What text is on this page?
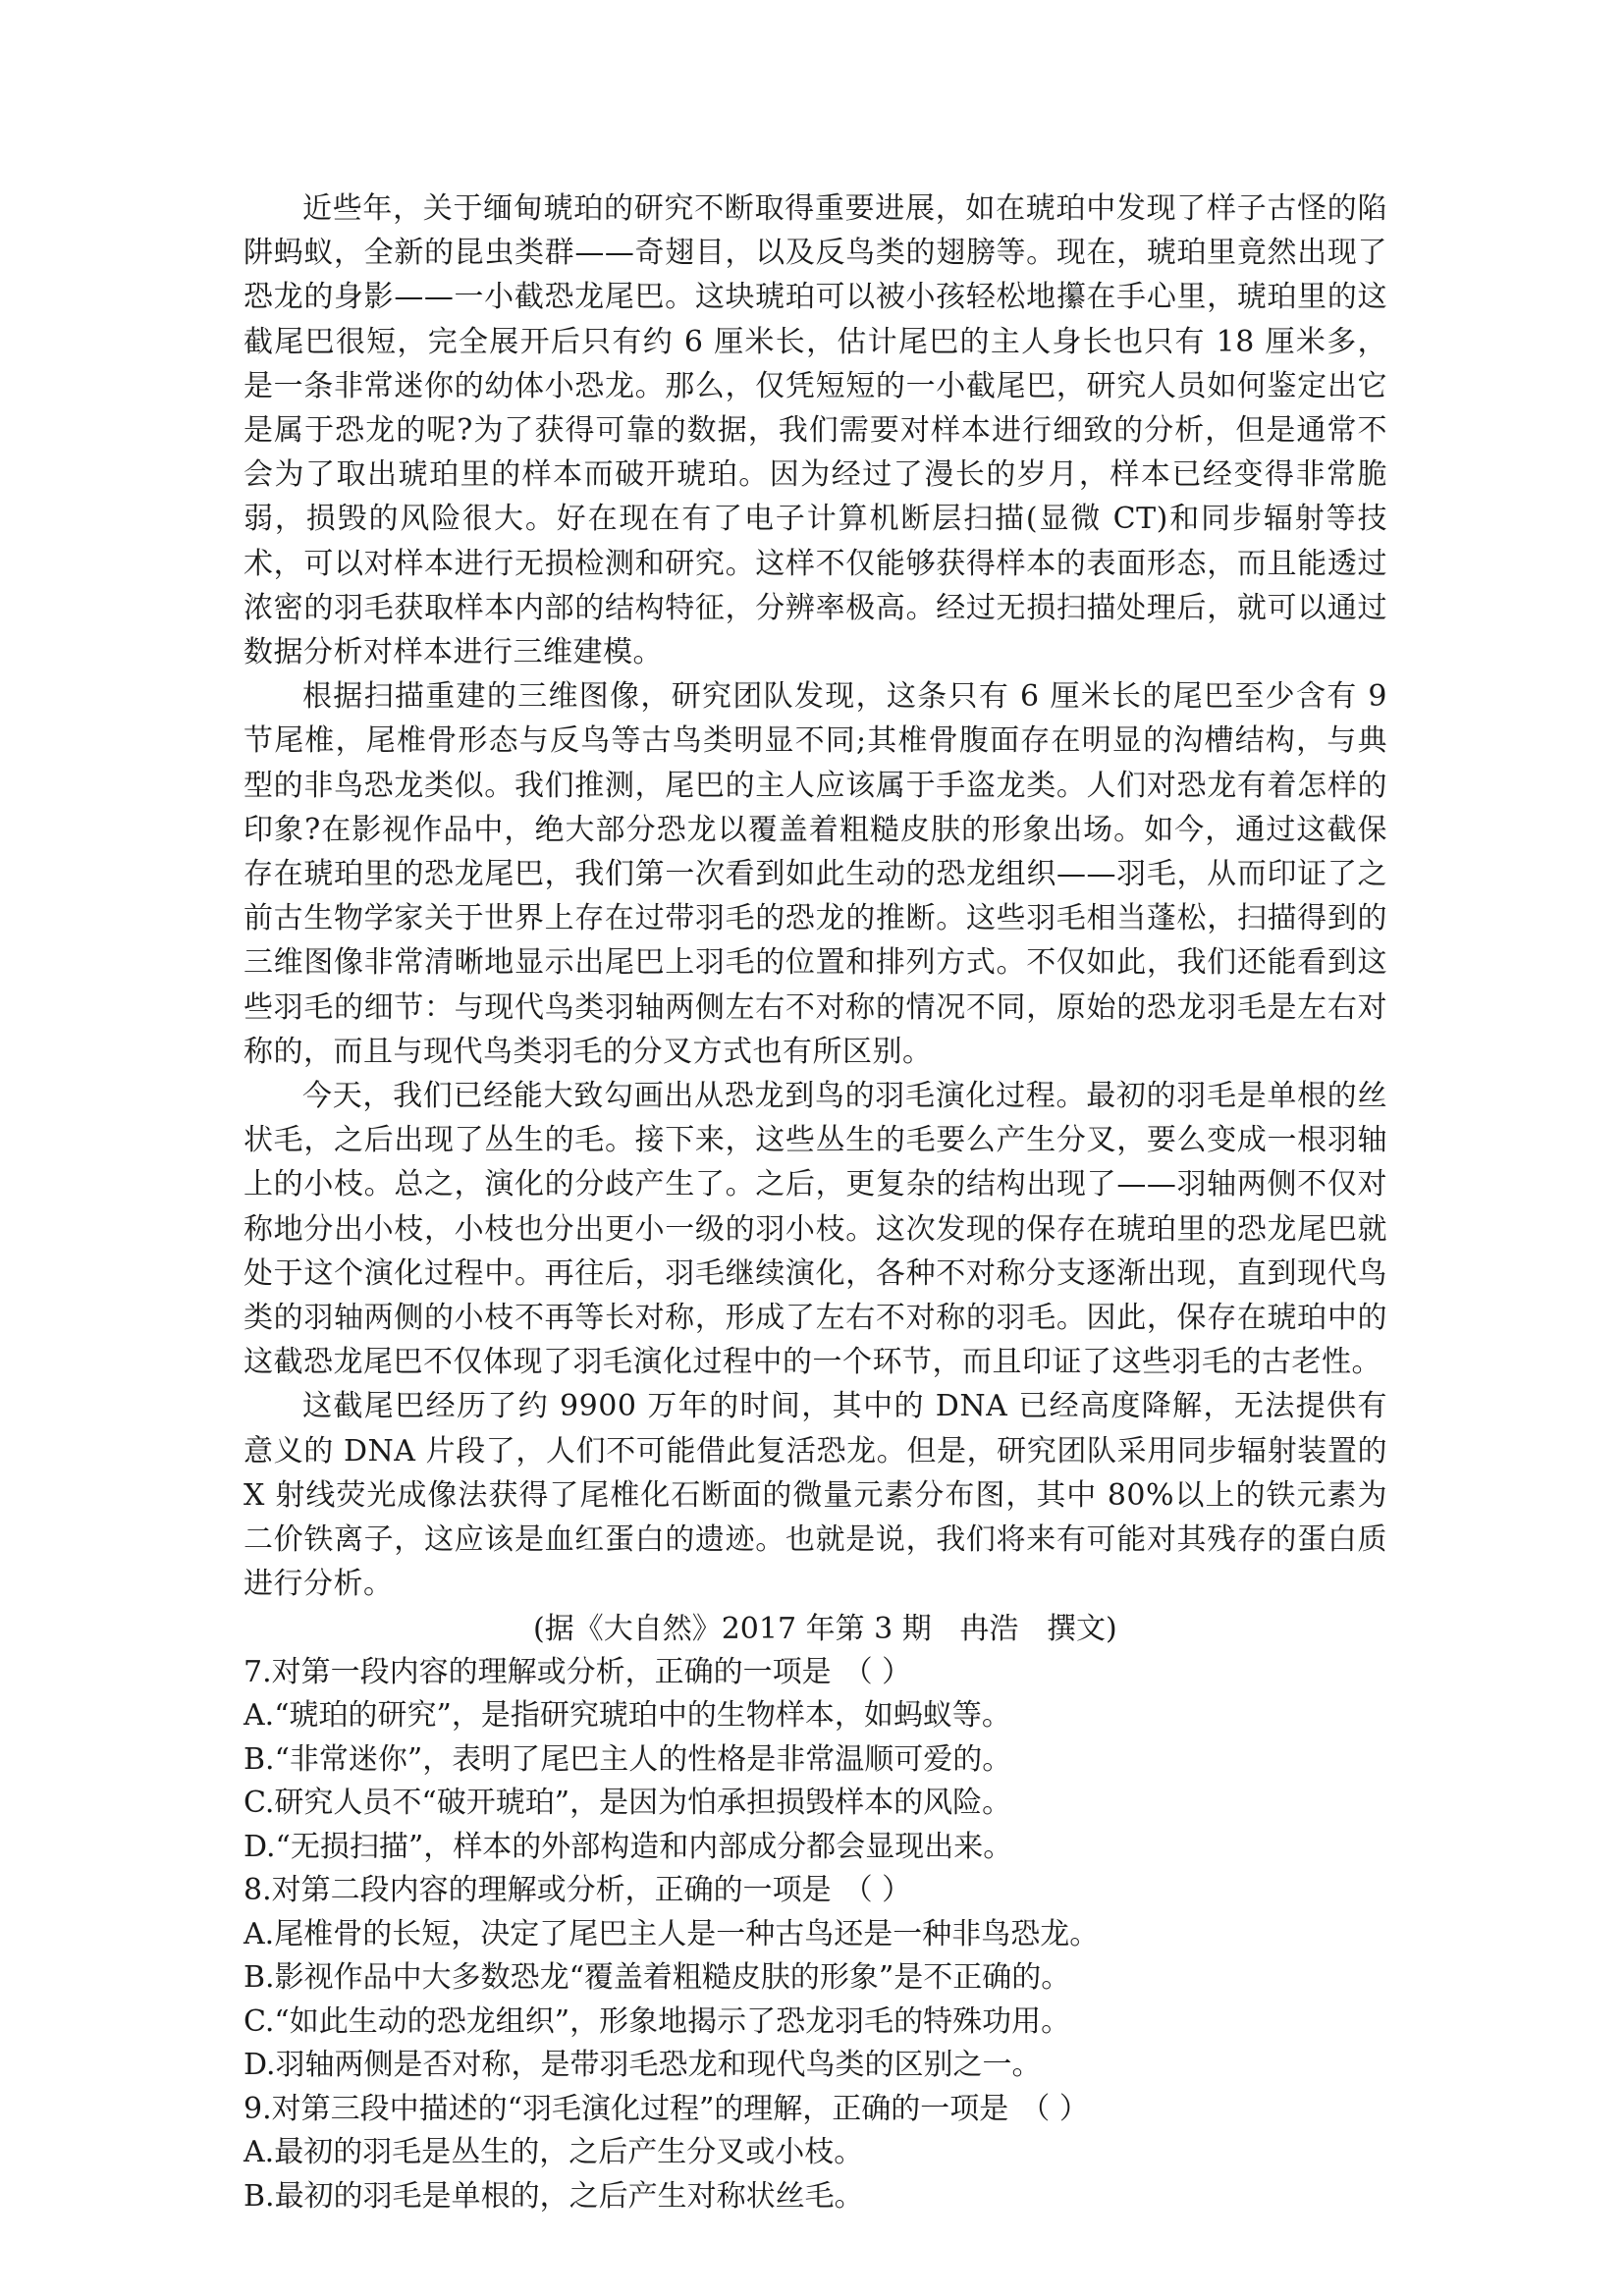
近些年，关于缅甸琥珀的研究不断取得重要进展，如在琥珀中发现了样子古怪的陷阱蚂蚁，全新的昆虫类群——奇翅目，以及反鸟类的翅膀等。现在，琥珀里竟然出现了恐龙的身影——一小截恐龙尾巴。这块琥珀可以被小孩轻松地攥在手心里，琥珀里的这截尾巴很短，完全展开后只有约 6 厘米长，估计尾巴的主人身长也只有 18 厘米多，是一条非常迷你的幼体小恐龙。那么，仅凭短短的一小截尾巴，研究人员如何鉴定出它是属于恐龙的呢?为了获得可靠的数据，我们需要对样本进行细致的分析，但是通常不会为了取出琥珀里的样本而破开琥珀。因为经过了漫长的岁月，样本已经变得非常脆弱，损毁的风险很大。好在现在有了电子计算机断层扫描(显微 CT)和同步辐射等技术，可以对样本进行无损检测和研究。这样不仅能够获得样本的表面形态，而且能透过浓密的羽毛获取样本内部的结构特征，分辨率极高。经过无损扫描处理后，就可以通过数据分析对样本进行三维建模。

根据扫描重建的三维图像，研究团队发现，这条只有 6 厘米长的尾巴至少含有 9 节尾椎，尾椎骨形态与反鸟等古鸟类明显不同;其椎骨腹面存在明显的沟槽结构，与典型的非鸟恐龙类似。我们推测，尾巴的主人应该属于手盗龙类。人们对恐龙有着怎样的印象?在影视作品中，绝大部分恐龙以覆盖着粗糙皮肤的形象出场。如今，通过这截保存在琥珀里的恐龙尾巴，我们第一次看到如此生动的恐龙组织——羽毛，从而印证了之前古生物学家关于世界上存在过带羽毛的恐龙的推断。这些羽毛相当蓬松，扫描得到的三维图像非常清晰地显示出尾巴上羽毛的位置和排列方式。不仅如此，我们还能看到这些羽毛的细节：与现代鸟类羽轴两侧左右不对称的情况不同，原始的恐龙羽毛是左右对称的，而且与现代鸟类羽毛的分叉方式也有所区别。

今天，我们已经能大致勾画出从恐龙到鸟的羽毛演化过程。最初的羽毛是单根的丝状毛，之后出现了丛生的毛。接下来，这些丛生的毛要么产生分叉，要么变成一根羽轴上的小枝。总之，演化的分歧产生了。之后，更复杂的结构出现了——羽轴两侧不仅对称地分出小枝，小枝也分出更小一级的羽小枝。这次发现的保存在琥珀里的恐龙尾巴就处于这个演化过程中。再往后，羽毛继续演化，各种不对称分支逐渐出现，直到现代鸟类的羽轴两侧的小枝不再等长对称，形成了左右不对称的羽毛。因此，保存在琥珀中的这截恐龙尾巴不仅体现了羽毛演化过程中的一个环节，而且印证了这些羽毛的古老性。

这截尾巴经历了约 9900 万年的时间，其中的 DNA 已经高度降解，无法提供有意义的 DNA 片段了，人们不可能借此复活恐龙。但是，研究团队采用同步辐射装置的 X 射线荧光成像法获得了尾椎化石断面的微量元素分布图，其中 80%以上的铁元素为二价铁离子，这应该是血红蛋白的遗迹。也就是说，我们将来有可能对其残存的蛋白质进行分析。

(据《大自然》2017 年第 3 期   冉浩   撰文)

7.对第一段内容的理解或分析，正确的一项是 （ ）

A.“琥珀的研究”，是指研究琥珀中的生物样本，如蚂蚁等。

B.“非常迷你”，表明了尾巴主人的性格是非常温顺可爱的。

C.研究人员不“破开琥珀”，是因为怕承担损毁样本的风险。

D.“无损扫描”，样本的外部构造和内部成分都会显现出来。

8.对第二段内容的理解或分析，正确的一项是 （ ）

A.尾椎骨的长短，决定了尾巴主人是一种古鸟还是一种非鸟恐龙。

B.影视作品中大多数恐龙“覆盖着粗糙皮肤的形象”是不正确的。

C.“如此生动的恐龙组织”，形象地揭示了恐龙羽毛的特殊功用。

D.羽轴两侧是否对称，是带羽毛恐龙和现代鸟类的区别之一。

9.对第三段中描述的“羽毛演化过程”的理解，正确的一项是 （ ）

A.最初的羽毛是丛生的，之后产生分叉或小枝。

B.最初的羽毛是单根的，之后产生对称状丝毛。
